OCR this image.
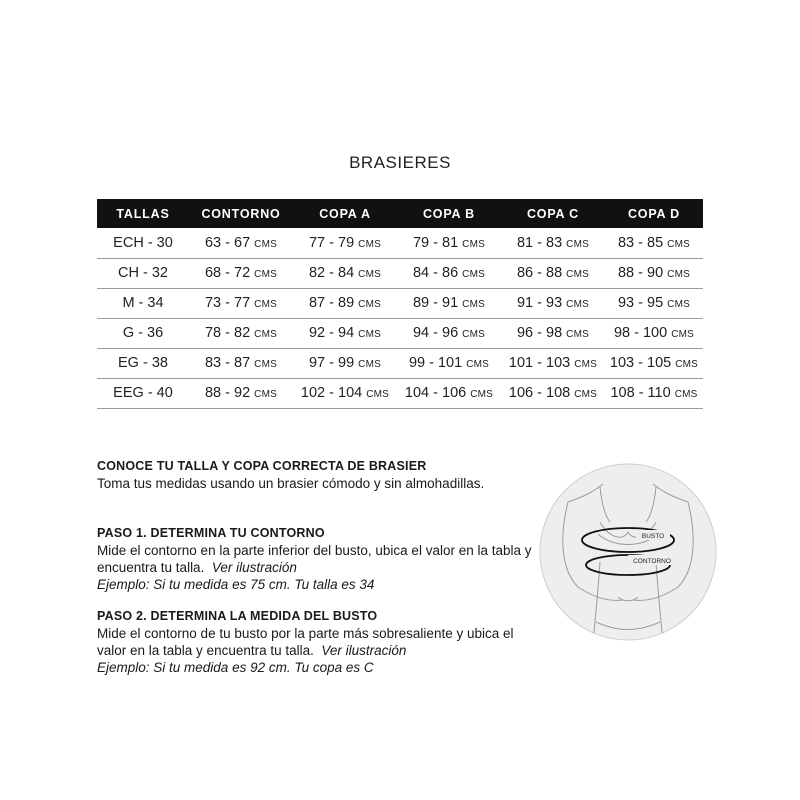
BRASIERES
TALLAS	CONTORNO	COPA A	COPA B	COPA C	COPA D
ECH - 30	63 - 67 CMS	77 - 79 CMS	79 - 81 CMS	81 - 83 CMS	83 - 85 CMS
CH - 32	68 - 72 CMS	82 - 84 CMS	84 - 86 CMS	86 - 88 CMS	88 - 90 CMS
M - 34	73 - 77 CMS	87 - 89 CMS	89 - 91 CMS	91 - 93 CMS	93 - 95 CMS
G - 36	78 - 82 CMS	92 - 94 CMS	94 - 96 CMS	96 - 98 CMS	98 - 100 CMS
EG - 38	83 - 87 CMS	97 - 99 CMS	99 - 101 CMS	101 - 103 CMS	103 - 105 CMS
EEG - 40	88 - 92 CMS	102 - 104 CMS	104 - 106 CMS	106 - 108 CMS	108 - 110 CMS
CONOCE TU TALLA Y COPA CORRECTA DE BRASIER

Toma tus medidas usando un brasier cómodo y sin almohadillas.

PASO 1. DETERMINA TU CONTORNO

Mide el contorno en la parte inferior del busto, ubica el valor en la tabla y encuentra tu talla. Ver ilustración

Ejemplo: Si tu medida es 75 cm. Tu talla es 34

PASO 2. DETERMINA LA MEDIDA DEL BUSTO

Mide el contorno de tu busto por la parte más sobresaliente y ubica el valor en la tabla y encuentra tu talla. Ver ilustración

Ejemplo: Si tu medida es 92 cm. Tu copa es C

BUSTO
CONTORNO
